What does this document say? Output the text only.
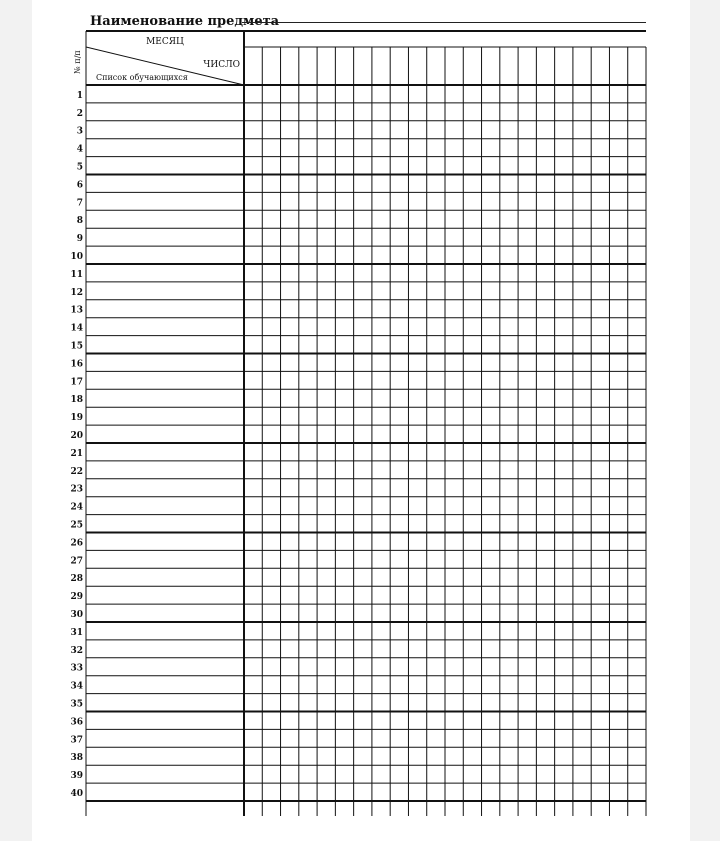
Наименование предмета
МЕСЯЦ
ЧИСЛО
Список обучающихся
№ п/п
1
2
3
4
5
6
7
8
9
10
11
12
13
14
15
16
17
18
19
20
21
22
23
24
25
26
27
28
29
30
31
32
33
34
35
36
37
38
39
40
